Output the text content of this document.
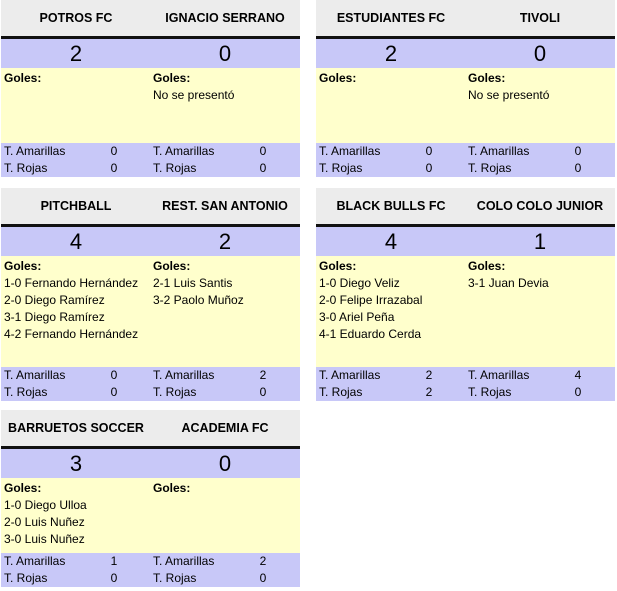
POTROS FC	IGNACIO SERRANO
2	0
Goles:	Goles:
No se presentó
T. Amarillas	0
T. Rojas	0
T. Amarillas	0
T. Rojas	0
ESTUDIANTES FC	TIVOLI
2	0
Goles:	Goles:
No se presentó
T. Amarillas	0
T. Rojas	0
T. Amarillas	0
T. Rojas	0
PITCHBALL	REST. SAN ANTONIO
4	2
Goles:
1-0 Fernando Hernández
2-0 Diego Ramírez
3-1 Diego Ramírez
4-2 Fernando Hernández
Goles:
2-1 Luis Santis
3-2 Paolo Muñoz
T. Amarillas	0
T. Rojas	0
T. Amarillas	2
T. Rojas	0
BLACK BULLS FC	COLO COLO JUNIOR
4	1
Goles:
1-0 Diego Veliz
2-0 Felipe Irrazabal
3-0 Ariel Peña
4-1 Eduardo Cerda
Goles:
3-1 Juan Devia
T. Amarillas	2
T. Rojas	2
T. Amarillas	4
T. Rojas	0
BARRUETOS SOCCER	ACADEMIA FC
3	0
Goles:
1-0 Diego Ulloa
2-0 Luis Nuñez
3-0 Luis Nuñez
Goles:
T. Amarillas	1
T. Rojas	0
T. Amarillas	2
T. Rojas	0
